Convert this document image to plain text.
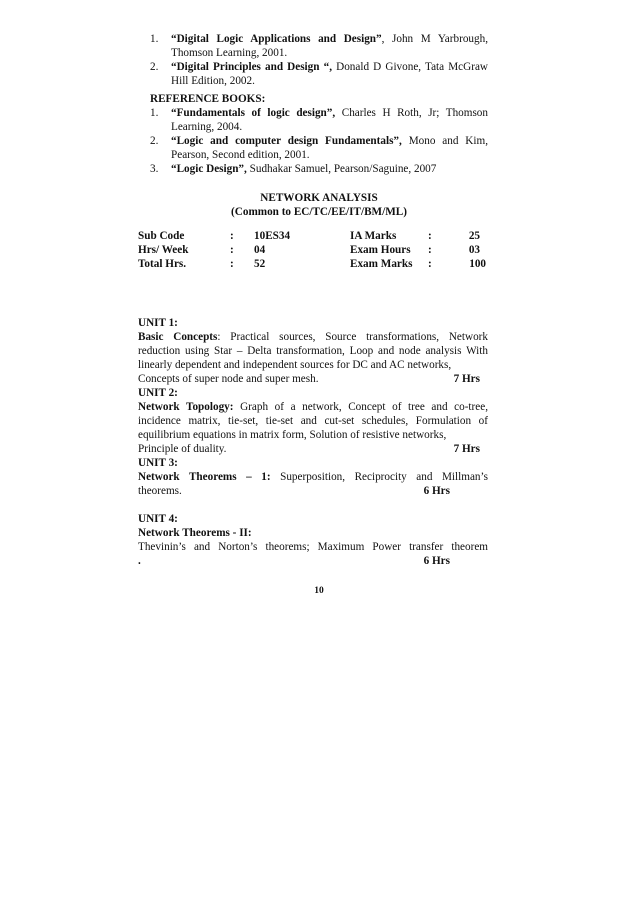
1. “Digital Logic Applications and Design”, John M Yarbrough, Thomson Learning, 2001.
2. “Digital Principles and Design “, Donald D Givone, Tata McGraw Hill Edition, 2002.
REFERENCE BOOKS:
1. “Fundamentals of logic design”, Charles H Roth, Jr; Thomson Learning, 2004.
2. “Logic and computer design Fundamentals”, Mono and Kim, Pearson, Second edition, 2001.
3. “Logic Design”, Sudhakar Samuel, Pearson/Saguine, 2007
NETWORK ANALYSIS
(Common to EC/TC/EE/IT/BM/ML)
Sub Code	: 10ES34	IA Marks	:	25
Hrs/ Week	: 04	Exam Hours :	03
Total Hrs.	: 52	Exam Marks :	100
UNIT 1:
Basic Concepts: Practical sources, Source transformations, Network reduction using Star – Delta transformation, Loop and node analysis With linearly dependent and independent sources for DC and AC networks,
Concepts of super node and super mesh.	7 Hrs
UNIT 2:
Network Topology: Graph of a network, Concept of tree and co-tree, incidence matrix, tie-set, tie-set and cut-set schedules, Formulation of equilibrium equations in matrix form, Solution of resistive networks,
Principle of duality.	7 Hrs
UNIT 3:
Network Theorems – 1: Superposition, Reciprocity and Millman’s
theorems.	6 Hrs
UNIT 4:
Network Theorems - II:
Thevinin’s and Norton’s theorems; Maximum Power transfer theorem
.	6 Hrs
10
